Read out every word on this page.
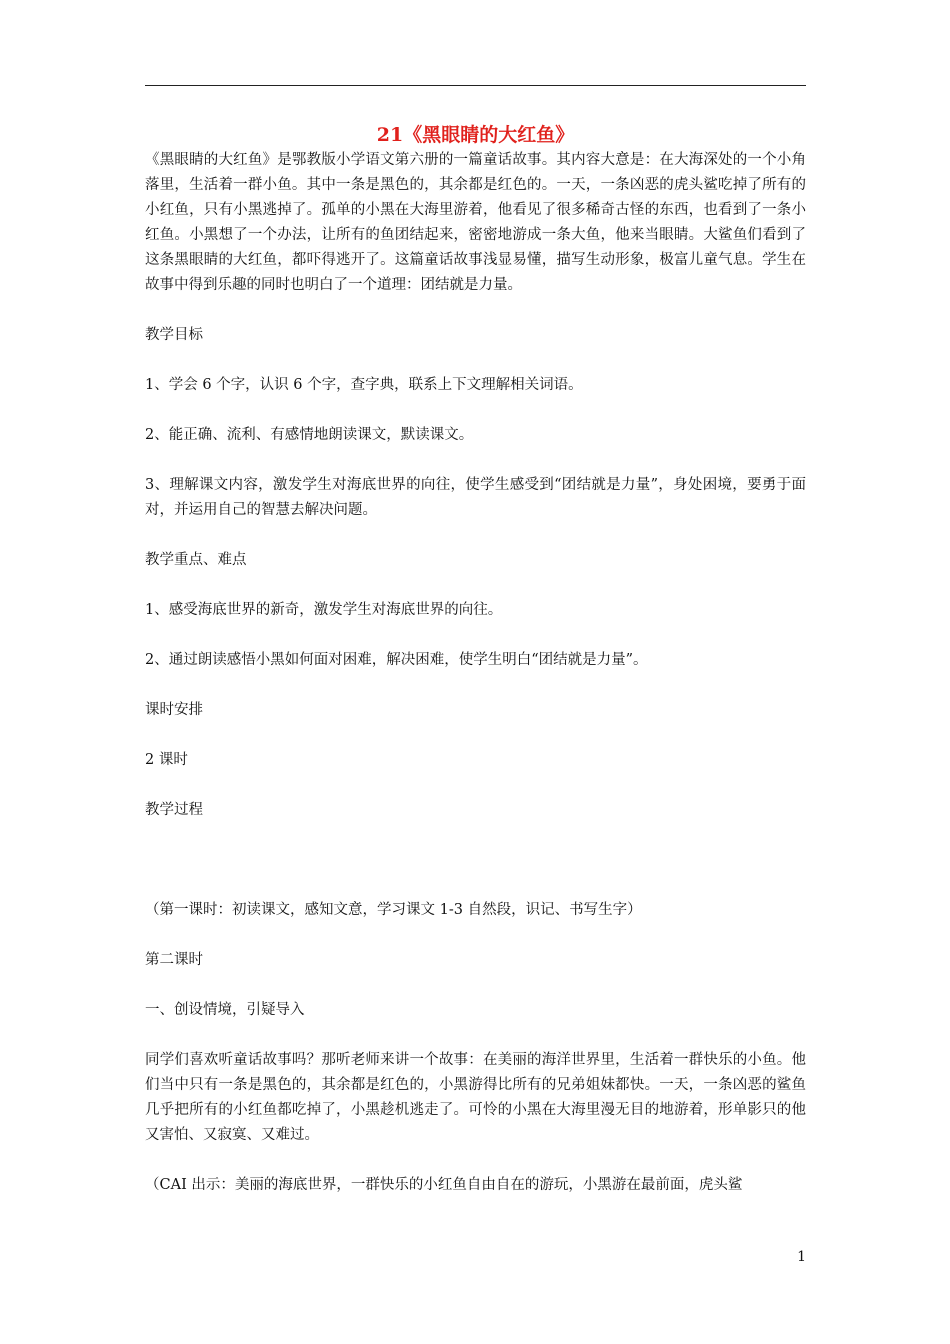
21《黑眼睛的大红鱼》

《黑眼睛的大红鱼》是鄂教版小学语文第六册的一篇童话故事。其内容大意是：在大海深处的一个小角落里，生活着一群小鱼。其中一条是黑色的，其余都是红色的。一天，一条凶恶的虎头鲨吃掉了所有的小红鱼，只有小黑逃掉了。孤单的小黑在大海里游着，他看见了很多稀奇古怪的东西，也看到了一条小红鱼。小黑想了一个办法，让所有的鱼团结起来，密密地游成一条大鱼，他来当眼睛。大鲨鱼们看到了这条黑眼睛的大红鱼，都吓得逃开了。这篇童话故事浅显易懂，描写生动形象，极富儿童气息。学生在故事中得到乐趣的同时也明白了一个道理：团结就是力量。

教学目标

1、学会 6 个字，认识 6 个字，查字典，联系上下文理解相关词语。

2、能正确、流利、有感情地朗读课文，默读课文。

3、理解课文内容，激发学生对海底世界的向往，使学生感受到“团结就是力量”，身处困境，要勇于面对，并运用自己的智慧去解决问题。

教学重点、难点

1、感受海底世界的新奇，激发学生对海底世界的向往。

2、通过朗读感悟小黑如何面对困难，解决困难，使学生明白“团结就是力量”。

课时安排

2 课时

教学过程

（第一课时：初读课文，感知文意，学习课文 1-3 自然段，识记、书写生字）

第二课时

一、创设情境，引疑导入

同学们喜欢听童话故事吗？那听老师来讲一个故事：在美丽的海洋世界里，生活着一群快乐的小鱼。他们当中只有一条是黑色的，其余都是红色的，小黑游得比所有的兄弟姐妹都快。一天，一条凶恶的鲨鱼几乎把所有的小红鱼都吃掉了，小黑趁机逃走了。可怜的小黑在大海里漫无目的地游着，形单影只的他又害怕、又寂寞、又难过。

（CAI 出示：美丽的海底世界，一群快乐的小红鱼自由自在的游玩，小黑游在最前面，虎头鲨

1
